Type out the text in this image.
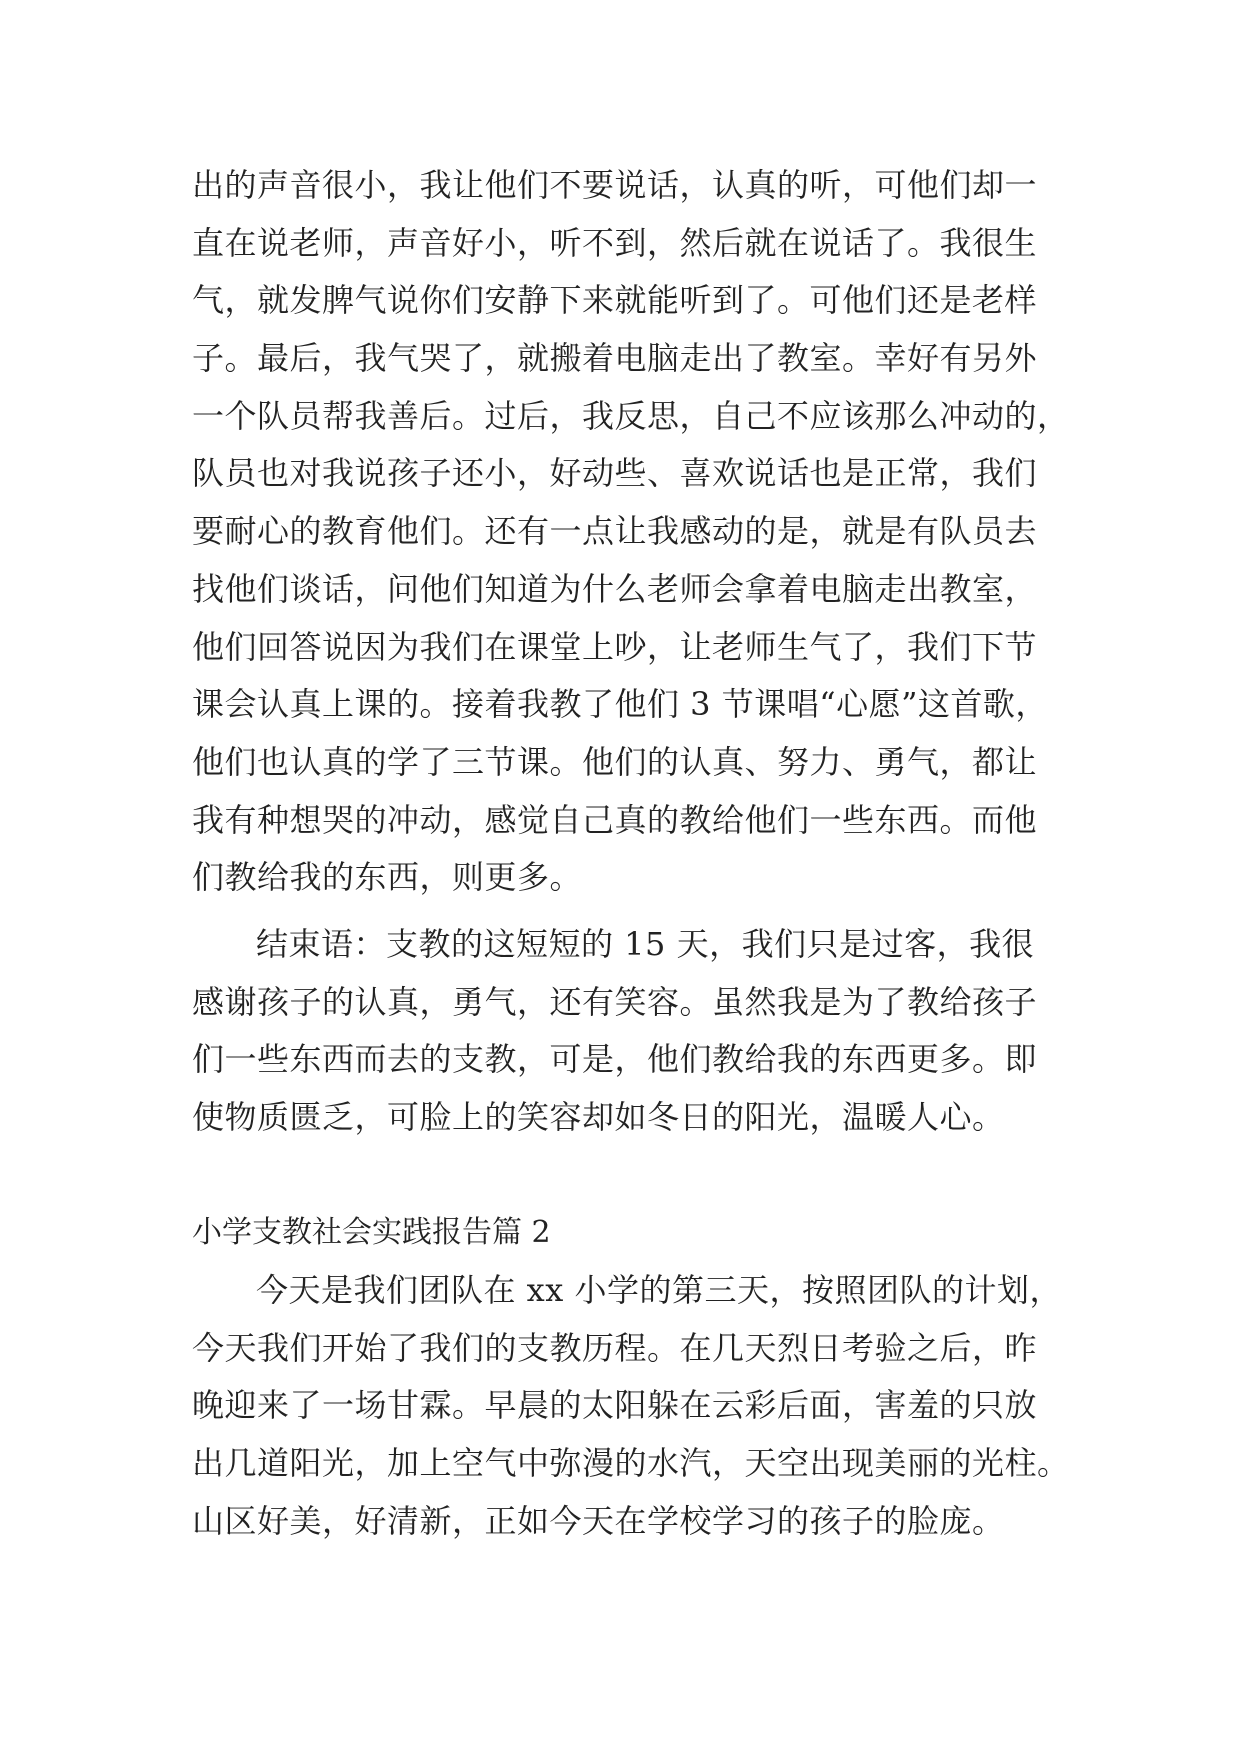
出的声音很小，我让他们不要说话，认真的听，可他们却一
直在说老师，声音好小，听不到，然后就在说话了。我很生
气，就发脾气说你们安静下来就能听到了。可他们还是老样
子。最后，我气哭了，就搬着电脑走出了教室。幸好有另外
一个队员帮我善后。过后，我反思，自己不应该那么冲动的，
队员也对我说孩子还小，好动些、喜欢说话也是正常，我们
要耐心的教育他们。还有一点让我感动的是，就是有队员去
找他们谈话，问他们知道为什么老师会拿着电脑走出教室，
他们回答说因为我们在课堂上吵，让老师生气了，我们下节
课会认真上课的。接着我教了他们 3 节课唱“心愿”这首歌，
他们也认真的学了三节课。他们的认真、努力、勇气，都让
我有种想哭的冲动，感觉自己真的教给他们一些东西。而他
们教给我的东西，则更多。
结束语：支教的这短短的 15 天，我们只是过客，我很
感谢孩子的认真，勇气，还有笑容。虽然我是为了教给孩子
们一些东西而去的支教，可是，他们教给我的东西更多。即
使物质匮乏，可脸上的笑容却如冬日的阳光，温暖人心。
小学支教社会实践报告篇 2
今天是我们团队在 xx 小学的第三天，按照团队的计划，
今天我们开始了我们的支教历程。在几天烈日考验之后，昨
晚迎来了一场甘霖。早晨的太阳躲在云彩后面，害羞的只放
出几道阳光，加上空气中弥漫的水汽，天空出现美丽的光柱。
山区好美，好清新，正如今天在学校学习的孩子的脸庞。
